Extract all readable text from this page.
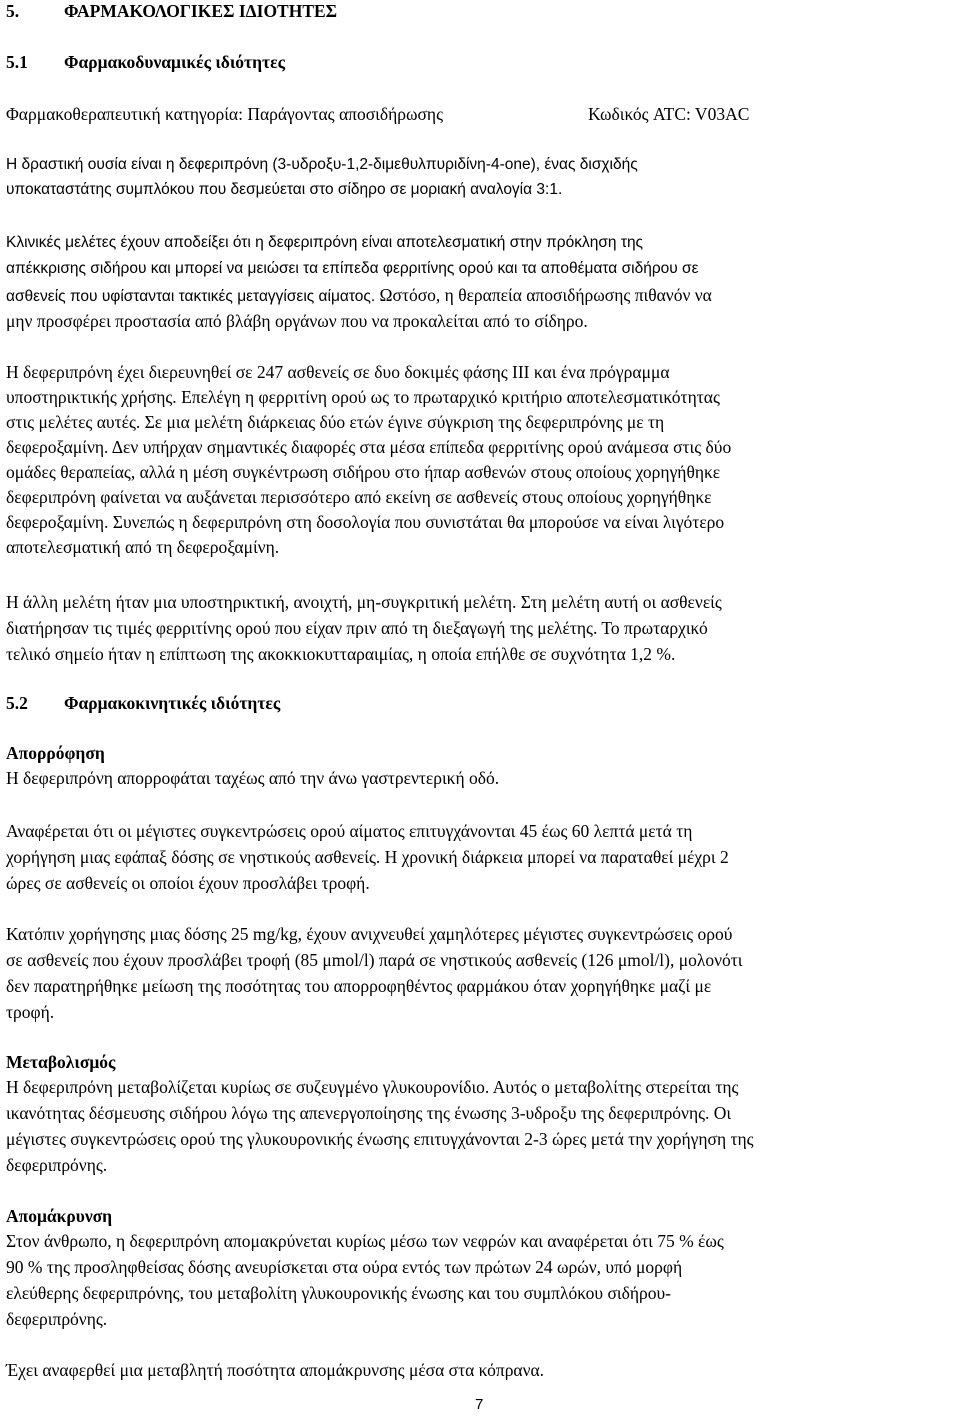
5.	ΦΑΡΜΑΚΟΛΟΓΙΚΕΣ ΙΔΙΟΤΗΤΕΣ
5.1 Φαρμακοδυναμικές ιδιότητες
Φαρμακοθεραπευτική κατηγορία: Παράγοντας αποσιδήρωσης	Κωδικός ATC: V03AC
Η δραστική ουσία είναι η δεφεριπρόνη (3-υδροξυ-1,2-διμεθυλπυριδίνη-4-one), ένας δισχιδής
υποκαταστάτης συμπλόκου που δεσμεύεται στο σίδηρο σε μοριακή αναλογία 3:1.
Κλινικές μελέτες έχουν αποδείξει ότι η δεφεριπρόνη είναι αποτελεσματική στην πρόκληση της
απέκκρισης σιδήρου και μπορεί να μειώσει τα επίπεδα φερριτίνης ορού και τα αποθέματα σιδήρου σε
ασθενείς που υφίστανται τακτικές μεταγγίσεις αίματος. Ωστόσο, η θεραπεία αποσιδήρωσης πιθανόν να
μην προσφέρει προστασία από βλάβη οργάνων που να προκαλείται από το σίδηρο.
Η δεφεριπρόνη έχει διερευνηθεί σε 247 ασθενείς σε δυο δοκιμές φάσης ΙΙΙ και ένα πρόγραμμα
υποστηρικτικής χρήσης. Επελέγη η φερριτίνη ορού ως το πρωταρχικό κριτήριο αποτελεσματικότητας
στις μελέτες αυτές. Σε μια μελέτη διάρκειας δύο ετών έγινε σύγκριση της δεφεριπρόνης με τη
δεφεροξαμίνη. Δεν υπήρχαν σημαντικές διαφορές στα μέσα επίπεδα φερριτίνης ορού ανάμεσα στις δύο
ομάδες θεραπείας, αλλά η μέση συγκέντρωση σιδήρου στο ήπαρ ασθενών στους οποίους χορηγήθηκε
δεφεριπρόνη φαίνεται να αυξάνεται περισσότερο από εκείνη σε ασθενείς στους οποίους χορηγήθηκε
δεφεροξαμίνη. Συνεπώς η δεφεριπρόνη στη δοσολογία που συνιστάται θα μπορούσε να είναι λιγότερο
αποτελεσματική από τη δεφεροξαμίνη.
Η άλλη μελέτη ήταν μια υποστηρικτική, ανοιχτή, μη-συγκριτική μελέτη. Στη μελέτη αυτή οι ασθενείς
διατήρησαν τις τιμές φερριτίνης ορού που είχαν πριν από τη διεξαγωγή της μελέτης. Το πρωταρχικό
τελικό σημείο ήταν η επίπτωση της ακοκκιοκυτταραιμίας, η οποία επήλθε σε συχνότητα 1,2 %.
5.2 Φαρμακοκινητικές ιδιότητες
Απορρόφηση
Η δεφεριπρόνη απορροφάται ταχέως από την άνω γαστρεντερική οδό.
Αναφέρεται ότι οι μέγιστες συγκεντρώσεις ορού αίματος επιτυγχάνονται 45 έως 60 λεπτά μετά τη
χορήγηση μιας εφάπαξ δόσης σε νηστικούς ασθενείς. Η χρονική διάρκεια μπορεί να παραταθεί μέχρι 2
ώρες σε ασθενείς οι οποίοι έχουν προσλάβει τροφή.
Κατόπιν χορήγησης μιας δόσης 25 mg/kg, έχουν ανιχνευθεί χαμηλότερες μέγιστες συγκεντρώσεις ορού
σε ασθενείς που έχουν προσλάβει τροφή (85 μmol/l) παρά σε νηστικούς ασθενείς (126 μmol/l), μολονότι
δεν παρατηρήθηκε μείωση της ποσότητας του απορροφηθέντος φαρμάκου όταν χορηγήθηκε μαζί με
τροφή.
Μεταβολισμός
Η δεφεριπρόνη μεταβολίζεται κυρίως σε συζευγμένο γλυκουρονίδιο. Αυτός ο μεταβολίτης στερείται της
ικανότητας δέσμευσης σιδήρου λόγω της απενεργοποίησης της ένωσης 3-υδροξυ της δεφεριπρόνης. Οι
μέγιστες συγκεντρώσεις ορού της γλυκουρονικής ένωσης επιτυγχάνονται 2-3 ώρες μετά την χορήγηση της
δεφεριπρόνης.
Απομάκρυνση
Στον άνθρωπο, η δεφεριπρόνη απομακρύνεται κυρίως μέσω των νεφρών και αναφέρεται ότι 75 % έως
90 % της προσληφθείσας δόσης ανευρίσκεται στα ούρα εντός των πρώτων 24 ωρών, υπό μορφή
ελεύθερης δεφεριπρόνης, του μεταβολίτη γλυκουρονικής ένωσης και του συμπλόκου σιδήρου-
δεφεριπρόνης.
Έχει αναφερθεί μια μεταβλητή ποσότητα απομάκρυνσης μέσα στα κόπρανα.
7
